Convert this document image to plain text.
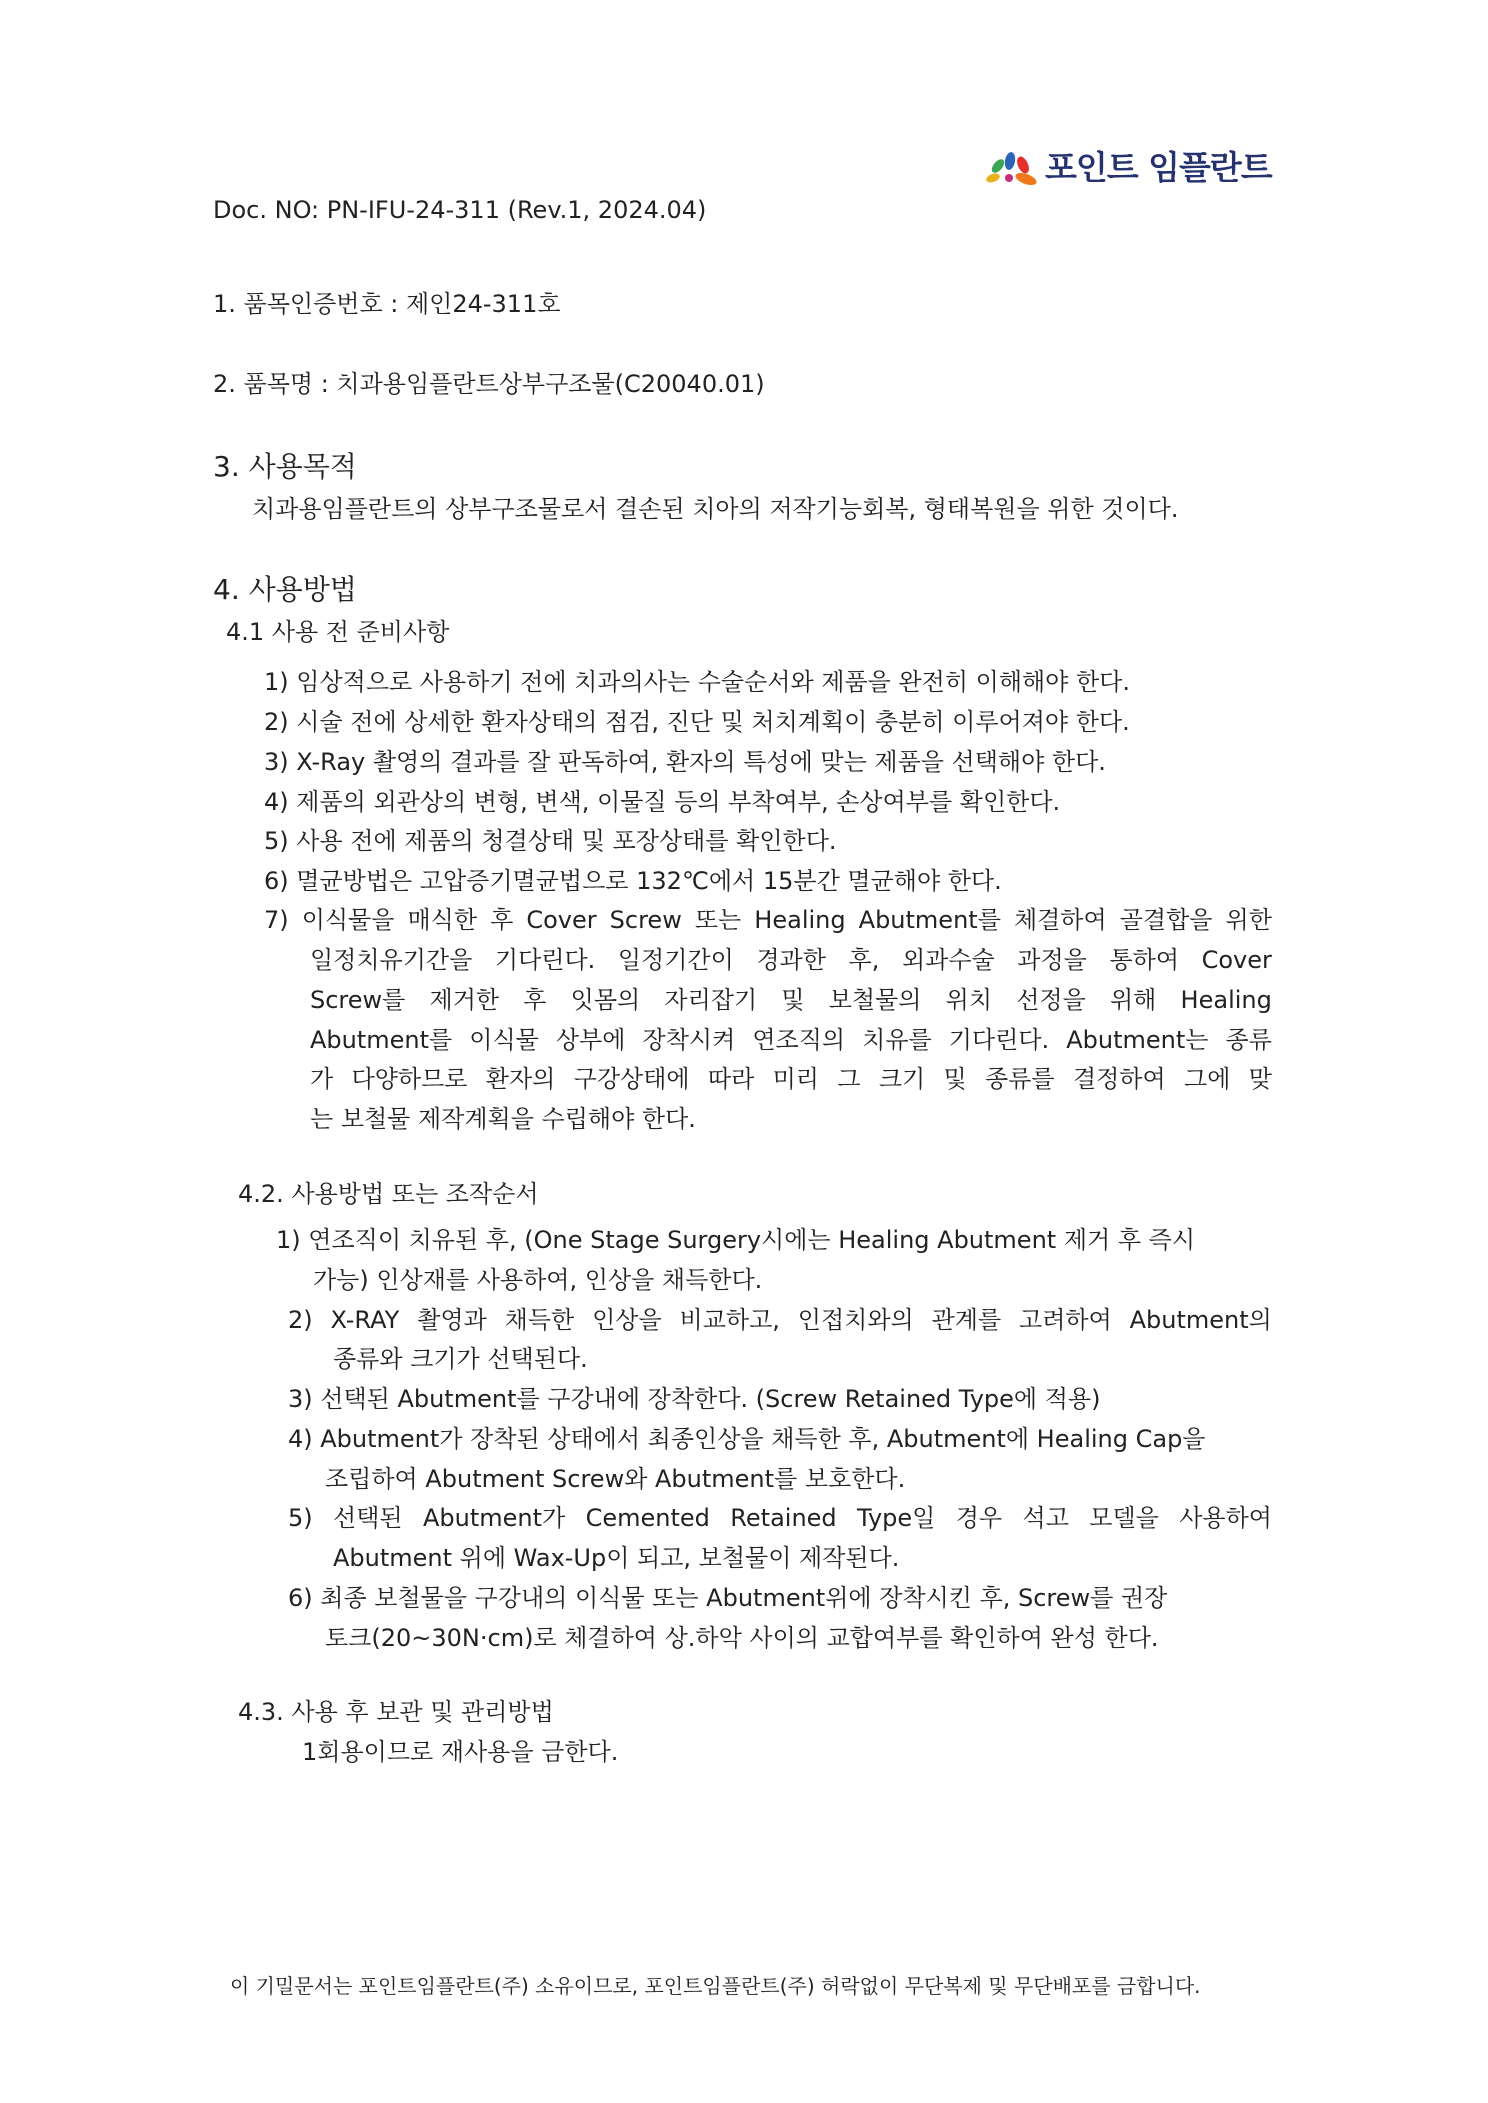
포인트 임플란트
Doc. NO: PN-IFU-24-311 (Rev.1, 2024.04)
1. 품목인증번호 : 제인24-311호
2. 품목명 : 치과용임플란트상부구조물(C20040.01)
3. 사용목적
치과용임플란트의 상부구조물로서 결손된 치아의 저작기능회복, 형태복원을 위한 것이다.
4. 사용방법
4.1 사용 전 준비사항
1) 임상적으로 사용하기 전에 치과의사는 수술순서와 제품을 완전히 이해해야 한다.
2) 시술 전에 상세한 환자상태의 점검, 진단 및 처치계획이 충분히 이루어져야 한다.
3) X-Ray 촬영의 결과를 잘 판독하여, 환자의 특성에 맞는 제품을 선택해야 한다.
4) 제품의 외관상의 변형, 변색, 이물질 등의 부착여부, 손상여부를 확인한다.
5) 사용 전에 제품의 청결상태 및 포장상태를 확인한다.
6) 멸균방법은 고압증기멸균법으로 132℃에서 15분간 멸균해야 한다.
7) 이식물을 매식한 후 Cover Screw 또는 Healing Abutment를 체결하여 골결합을 위한
일정치유기간을 기다린다. 일정기간이 경과한 후, 외과수술 과정을 통하여 Cover
Screw를 제거한 후 잇몸의 자리잡기 및 보철물의 위치 선정을 위해 Healing
Abutment를 이식물 상부에 장착시켜 연조직의 치유를 기다린다. Abutment는 종류
가 다양하므로 환자의 구강상태에 따라 미리 그 크기 및 종류를 결정하여 그에 맞
는 보철물 제작계획을 수립해야 한다.
4.2. 사용방법 또는 조작순서
1) 연조직이 치유된 후, (One Stage Surgery시에는 Healing Abutment 제거 후 즉시
가능) 인상재를 사용하여, 인상을 채득한다.
2) X-RAY 촬영과 채득한 인상을 비교하고, 인접치와의 관계를 고려하여 Abutment의
종류와 크기가 선택된다.
3) 선택된 Abutment를 구강내에 장착한다. (Screw Retained Type에 적용)
4) Abutment가 장착된 상태에서 최종인상을 채득한 후, Abutment에 Healing Cap을
조립하여 Abutment Screw와 Abutment를 보호한다.
5) 선택된 Abutment가 Cemented Retained Type일 경우 석고 모델을 사용하여
Abutment 위에 Wax-Up이 되고, 보철물이 제작된다.
6) 최종 보철물을 구강내의 이식물 또는 Abutment위에 장착시킨 후, Screw를 권장
토크(20~30N·cm)로 체결하여 상.하악 사이의 교합여부를 확인하여 완성 한다.
4.3. 사용 후 보관 및 관리방법
1회용이므로 재사용을 금한다.
이 기밀문서는 포인트임플란트(주) 소유이므로, 포인트임플란트(주) 허락없이 무단복제 및 무단배포를 금합니다.
